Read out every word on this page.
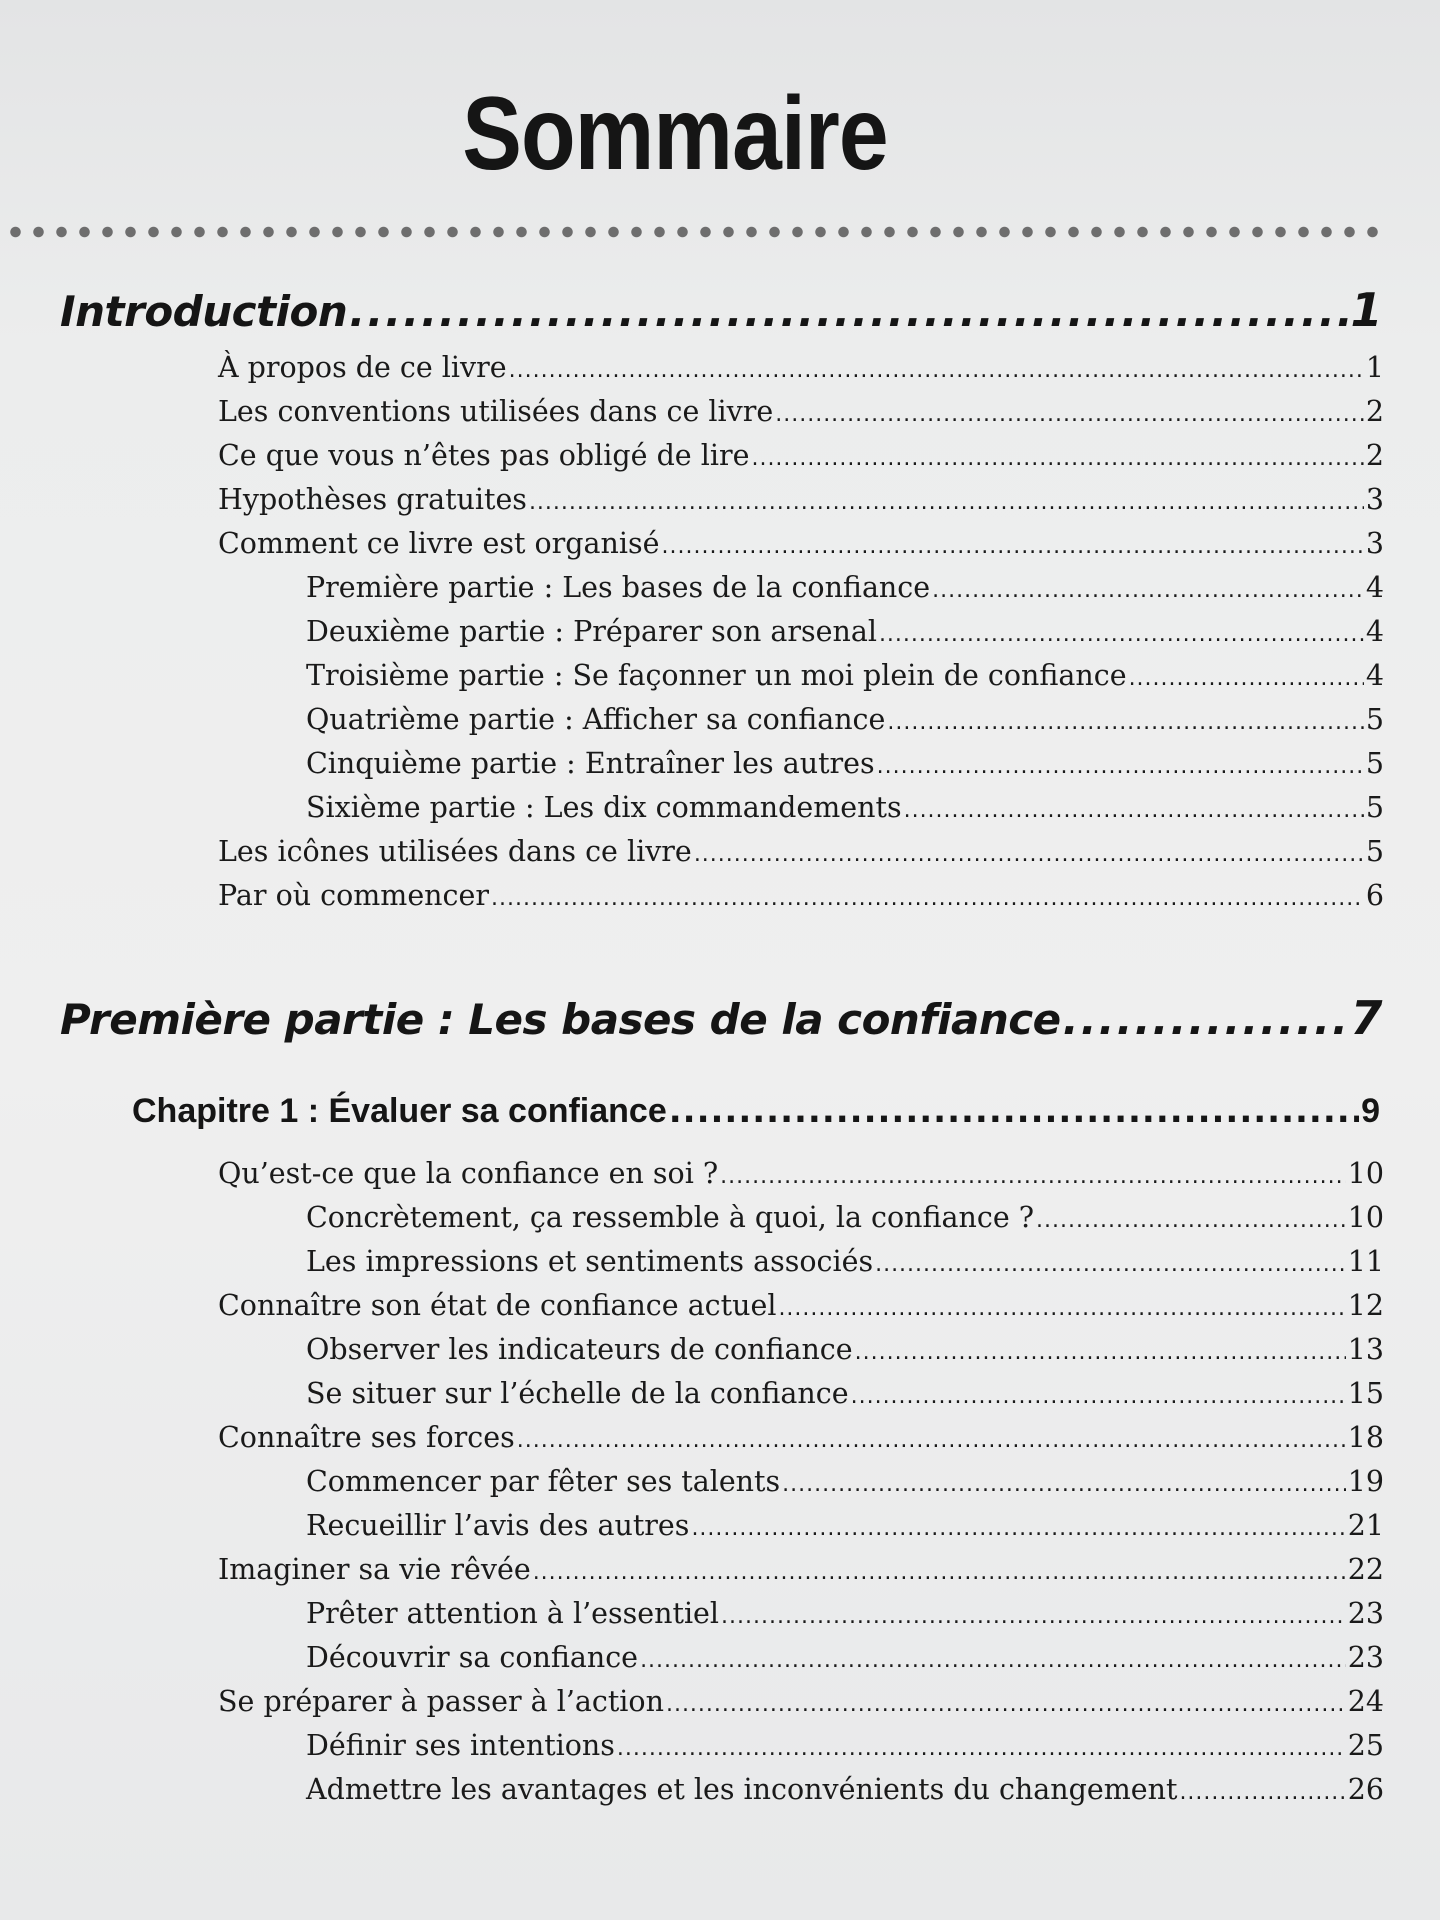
Sommaire
Introduction .....	1
À propos de ce livre .....	1
Les conventions utilisées dans ce livre .....	2
Ce que vous n’êtes pas obligé de lire .....	2
Hypothèses gratuites .....	3
Comment ce livre est organisé .....	3
Première partie : Les bases de la confiance .....	4
Deuxième partie : Préparer son arsenal .....	4
Troisième partie : Se façonner un moi plein de confiance .....	4
Quatrième partie : Afficher sa confiance .....	5
Cinquième partie : Entraîner les autres .....	5
Sixième partie : Les dix commandements .....	5
Les icônes utilisées dans ce livre .....	5
Par où commencer .....	6
Première partie : Les bases de la confiance .....	7
Chapitre 1 : Évaluer sa confiance .....	9
Qu’est-ce que la confiance en soi ? .....	10
Concrètement, ça ressemble à quoi, la confiance ? .....	10
Les impressions et sentiments associés .....	11
Connaître son état de confiance actuel .....	12
Observer les indicateurs de confiance .....	13
Se situer sur l’échelle de la confiance .....	15
Connaître ses forces .....	18
Commencer par fêter ses talents .....	19
Recueillir l’avis des autres .....	21
Imaginer sa vie rêvée .....	22
Prêter attention à l’essentiel .....	23
Découvrir sa confiance .....	23
Se préparer à passer à l’action .....	24
Définir ses intentions .....	25
Admettre les avantages et les inconvénients du changement .....	26
